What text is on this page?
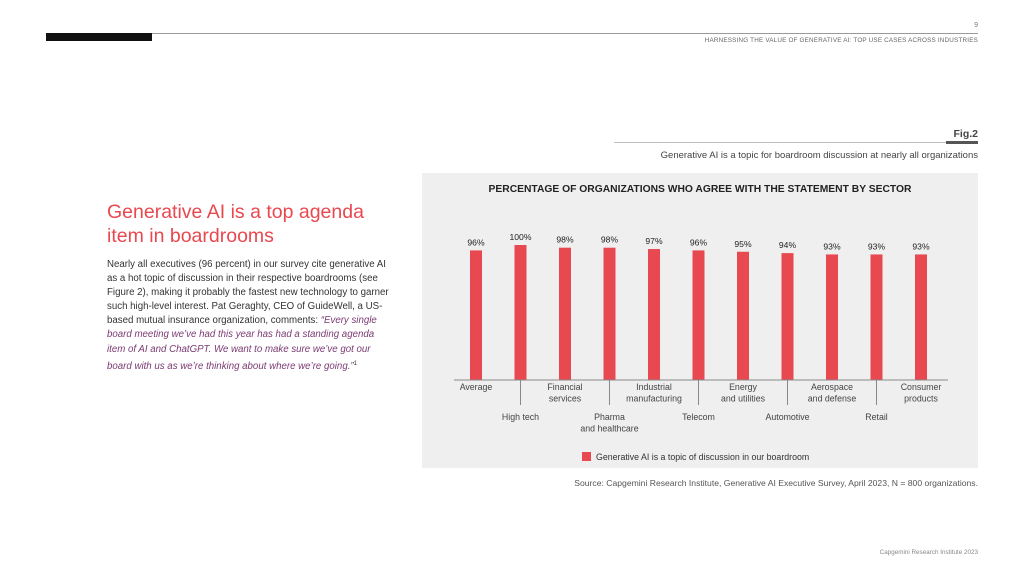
9
HARNESSING THE VALUE OF GENERATIVE AI: TOP USE CASES ACROSS INDUSTRIES
Generative AI is a top agenda item in boardrooms

Nearly all executives (96 percent) in our survey cite generative AI as a hot topic of discussion in their respective boardrooms (see Figure 2), making it probably the fastest new technology to garner such high-level interest. Pat Geraghty, CEO of GuideWell, a US-based mutual insurance organization, comments: “Every single board meeting we’ve had this year has had a standing agenda item of AI and ChatGPT. We want to make sure we’ve got our board with us as we’re thinking about where we’re going.”$^1$

Fig.2
Generative AI is a topic for boardroom discussion at nearly all organizations
PERCENTAGE OF ORGANIZATIONS WHO AGREE WITH THE STATEMENT BY SECTOR
96%
100%	98%	98%	97%	96%	95%	94%	93%	93%	93%
Average
High tech
Financial services
Pharma and healthcare
Industrial manufacturing
Telecom
Energy and utilities
Automotive
Aerospace and defense
Retail
Consumer products
Generative AI is a topic of discussion in our boardroom
Source: Capgemini Research Institute, Generative AI Executive Survey, April 2023, N = 800 organizations.
Capgemini Research Institute 2023
